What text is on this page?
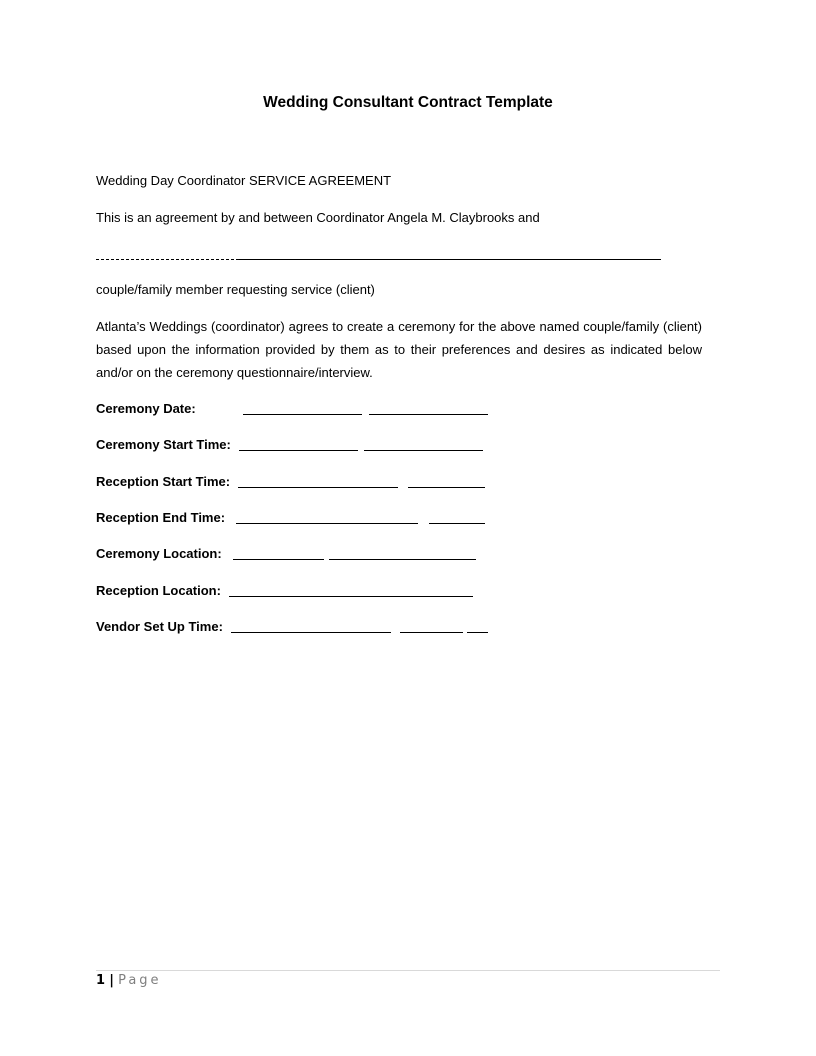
Wedding Consultant Contract Template
Wedding Day Coordinator SERVICE AGREEMENT
This is an agreement by and between Coordinator Angela M. Claybrooks and
couple/family member requesting service (client)
Atlanta’s Weddings (coordinator) agrees to create a ceremony for the above named couple/family (client) based upon the information provided by them as to their preferences and desires as indicated below and/or on the ceremony questionnaire/interview.
Ceremony Date:
Ceremony Start Time:
Reception Start Time:
Reception End Time:
Ceremony Location:
Reception Location:
Vendor Set Up Time:
1 | Page
